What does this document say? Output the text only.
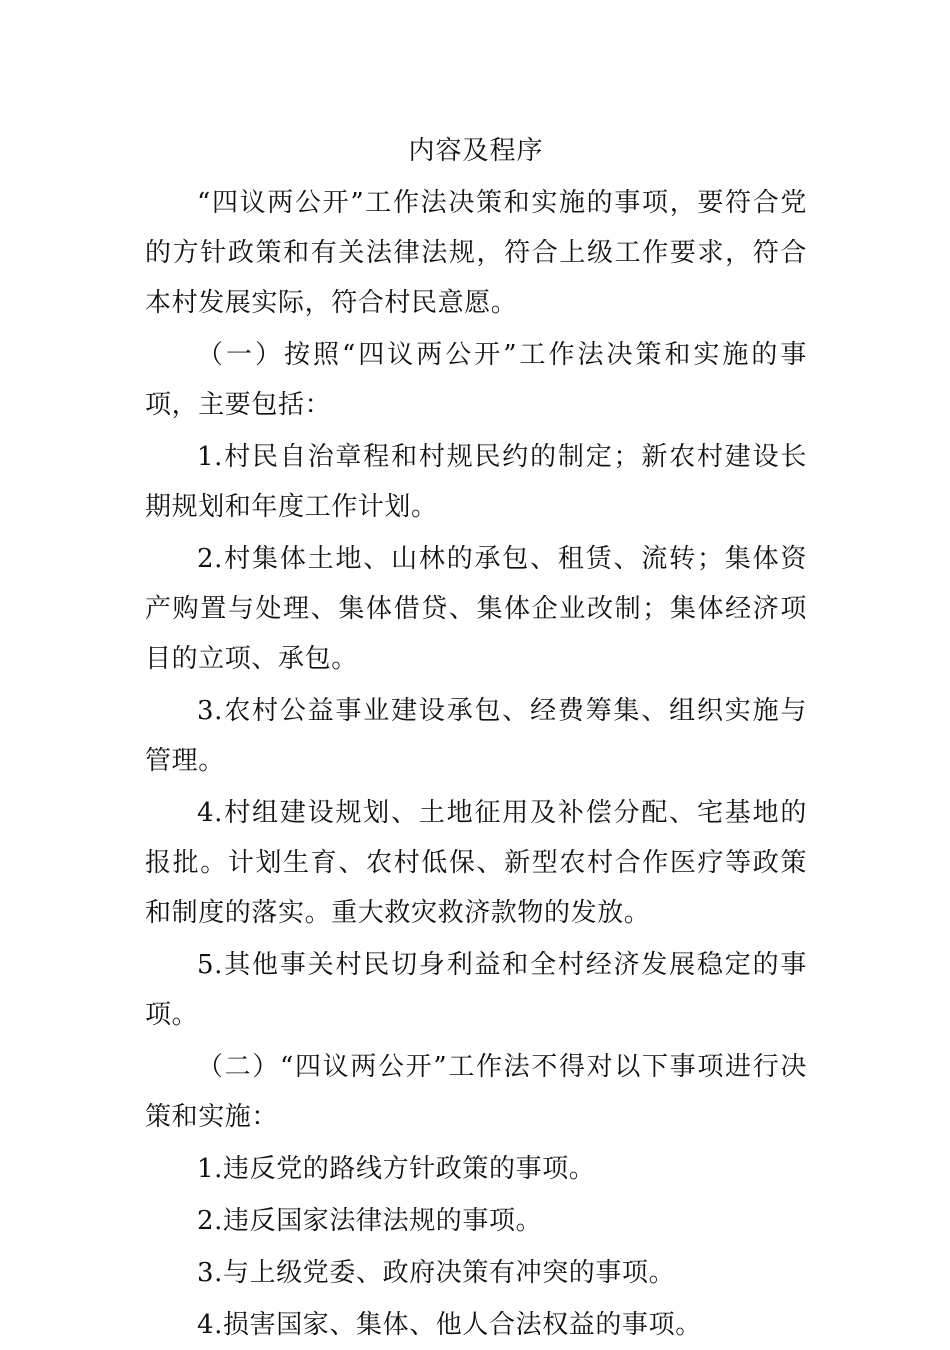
内容及程序

“四议两公开”工作法决策和实施的事项，要符合党的方针政策和有关法律法规，符合上级工作要求，符合本村发展实际，符合村民意愿。

（一）按照“四议两公开”工作法决策和实施的事项，主要包括：

1.村民自治章程和村规民约的制定；新农村建设长期规划和年度工作计划。

2.村集体土地、山林的承包、租赁、流转；集体资产购置与处理、集体借贷、集体企业改制；集体经济项目的立项、承包。

3.农村公益事业建设承包、经费筹集、组织实施与管理。

4.村组建设规划、土地征用及补偿分配、宅基地的报批。计划生育、农村低保、新型农村合作医疗等政策和制度的落实。重大救灾救济款物的发放。

5.其他事关村民切身利益和全村经济发展稳定的事项。

（二）“四议两公开”工作法不得对以下事项进行决策和实施：

1.违反党的路线方针政策的事项。

2.违反国家法律法规的事项。

3.与上级党委、政府决策有冲突的事项。

4.损害国家、集体、他人合法权益的事项。
